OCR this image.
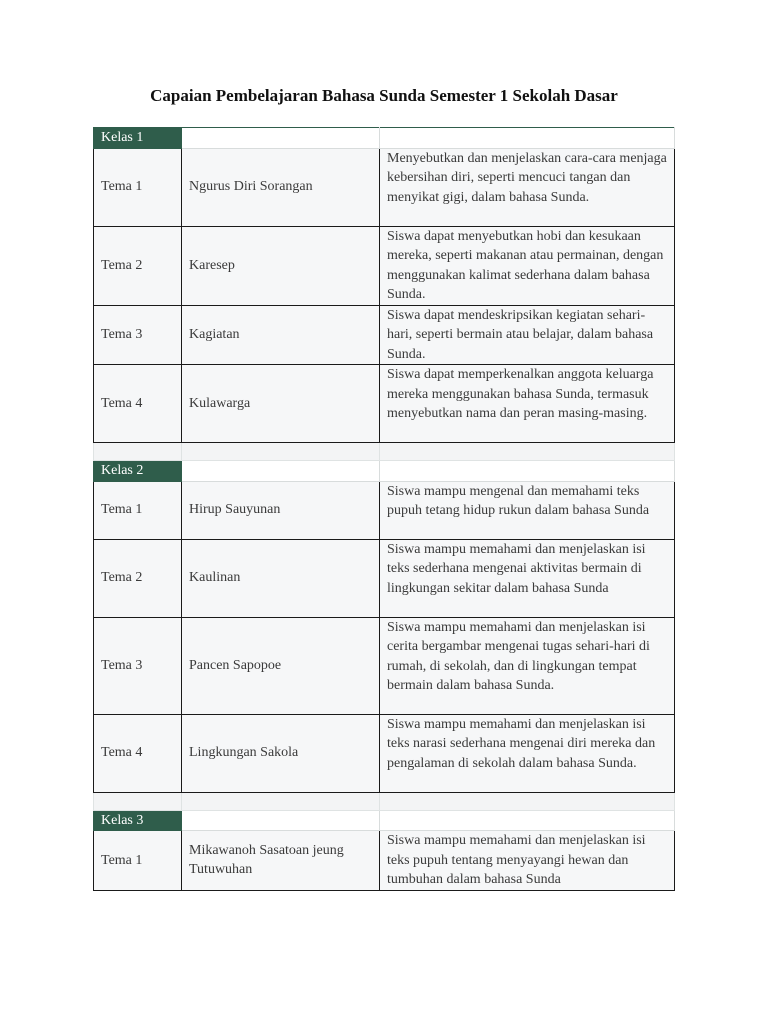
Capaian Pembelajaran Bahasa Sunda Semester 1 Sekolah Dasar
Kelas 1		
Tema 1	Ngurus Diri Sorangan	Menyebutkan dan menjelaskan cara-cara menjaga kebersihan diri, seperti mencuci tangan dan menyikat gigi, dalam bahasa Sunda.
Tema 2	Karesep	Siswa dapat menyebutkan hobi dan kesukaan mereka, seperti makanan atau permainan, dengan menggunakan kalimat sederhana dalam bahasa Sunda.
Tema 3	Kagiatan	Siswa dapat mendeskripsikan kegiatan sehari-hari, seperti bermain atau belajar, dalam bahasa Sunda.
Tema 4	Kulawarga	Siswa dapat memperkenalkan anggota keluarga mereka menggunakan bahasa Sunda, termasuk menyebutkan nama dan peran masing-masing.

Kelas 2		
Tema 1	Hirup Sauyunan	Siswa mampu mengenal dan memahami teks pupuh tetang hidup rukun dalam bahasa Sunda
Tema 2	Kaulinan	Siswa mampu memahami dan menjelaskan isi teks sederhana mengenai aktivitas bermain di lingkungan sekitar dalam bahasa Sunda
Tema 3	Pancen Sapopoe	Siswa mampu memahami dan menjelaskan isi cerita bergambar mengenai tugas sehari-hari di rumah, di sekolah, dan di lingkungan tempat bermain dalam bahasa Sunda.
Tema 4	Lingkungan Sakola	Siswa mampu memahami dan menjelaskan isi teks narasi sederhana mengenai diri mereka dan pengalaman di sekolah dalam bahasa Sunda.

Kelas 3		
Tema 1	Mikawanoh Sasatoan jeung Tutuwuhan	Siswa mampu memahami dan menjelaskan isi teks pupuh tentang menyayangi hewan dan tumbuhan dalam bahasa Sunda
